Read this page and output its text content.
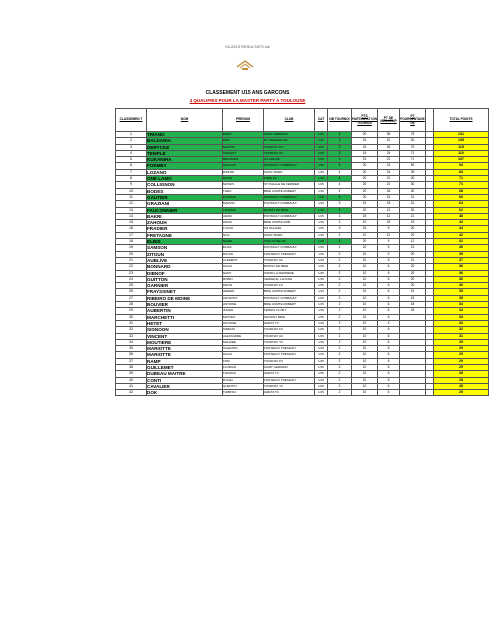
03-2013 RESULTATS.xls
CLASSEMENT U15 ANS GARCONS
4 QUALIFIES POUR LA MASTER PARTY A TOULOUSE
CLASSEMEN T	NOM	PRENOM	CLUB	CAT	NB TOURNOI	PTS PARTICIPAT ION TOURNOI	PT DE MEILLEUR	PT POURCENTAGE GE		TOTAL POINTS
1	TRIANO	ENZO	SAINT GERMAIN	U15	4	20	36	75		131
2	BALDANIA	ERIK	ST GERMAIN EN	U15	3	15	42	30		135
3	DERYCKE	MARTIN	TOURNAY FC	U15	3	15	30	70		115
4	TEMPLE	VINCENT	TOURNAY AC	U15	3	15	24	71		110
5	KUKANIHA	BENJAMIN	US MAUVE	U15	3	15	21	71		107
6	FORMEY	NICOLAS	PONTAULT COMBAULT	U15	4	20	24	50		94
7	LOZANO	DIMITRI	SAINT MARD	U15	4	20	24	39		83
8	ONE LAMO	DAVID	FREE FC	U15	4	20	21	30		71
9	COLLIGNON	MATHIS	ST PHALLE DE FERRIER	U15	4	20	21	30		71
10	BODES	THEO	BRIE COMTE ROBERT	U15	4	20	18	30		68
11	GAUTIER	FLORIAN	PONTAULT COMBAULT	U15	4	20	15	31		66
12	GRAZIANI	MARVIN	PONTAULT COMBAULT	U15	3	15	18	31		64
13	FAUCONNIER	THOMAS	ROISSY EN BRIE	U15	4	20	12	30		62
14	BAKRI	ADAM	PONTAULT COMBAULT	U15	3	15	12	21		48
15	ZAHOUH	ADAM	BRIE COMTE ROB	U15	2	10	15	19		44
16	FRADIER	LUCAS	US PALAISE	U15	3	15	9	20		44
17	FRETAGNE	NOA	SAINT MARD	U15	2	10	12	20		42
18	ELBIS	NAHEL	TOULOUSE US	U15	4	20	9	12		41
19	SAMSON	ELIAS	PONTAULT COMBAULT	U15	2	10	9	21		40
20	ZITOUN	RAYAN	FONTENAY TRESIGNY	U15	2	10	9	20		39
21	AUBLIVE	CLEMENT	TOURNAY AC	U15	2	10	6	21		37
22	BONNARD	HUGO	ROISSY EN BRIE	U15	2	10	6	20		36
23	DIBNOF	SAMY	OZOIR LA FERRIERE	U15	2	10	6	20		36
24	GUITTON	ROBIN	VERNEUIL L ETANG	U15	2	10	6	20		36
25	GARNIER	KEVIN	TOURNAY FC	U15	2	10	6	20		36
26	FRAYSSINET	ADRIEN	BRIE COMTE ROBERT	U15	2	10	6	19		35
27	RIBEIRO DE MOINE	ANTHONY	PONTAULT COMBAULT	U15	2	10	6	19		35
28	BOUVIER	ANTOINE	BRIE COMTE ROBERT	U15	2	10	6	18		34
29	AUBERTIN	JULIEN	TENNIS CLUB T	U15	2	10	6	18		34
30	MARCHETTI	MATTEO	SAVIGNY BRIE	U15	2	10	6			33
31	HETET	ANTOINE	GRETZ TC	U15	2	10	3			33
32	SIGNOON	SIMEON	TOURNAY FC	U15	2	10	6			32
33	VINCENT	ALEXANDRE	TOURNAY AC	U15	2	10	6			31
34	MOUTIERE	MALIZEE	TOURNAY TC	U15	2	10	6			29
35	MARIOTTE	VALENTIN	FONTENAY TRESIGNY	U15	2	10	6			29
36	MARIOTTE	HUGO	FONTENAY TRESIGNY	U15	2	10	6			29
37	RAMP	TOM	TOURNAY FC	U15	2	10	6			29
38	GUILLEMET	FLORIAN	SAINT GERMAIN	U15	2	10	6			29
39	DUBEAU MAITRE	THOMAS	GRETZ TC	U15	2	10	6			28
40	CONTI	RYANA	FONTENAY TRESIGNY	U15	2	10	6			28
41	CAVALIER	QUENTIN	TOURNAY TC	U15	2	10	6			28
42	DOK	THIBTAN	GRETZ TC	U15	2	10	6			25
